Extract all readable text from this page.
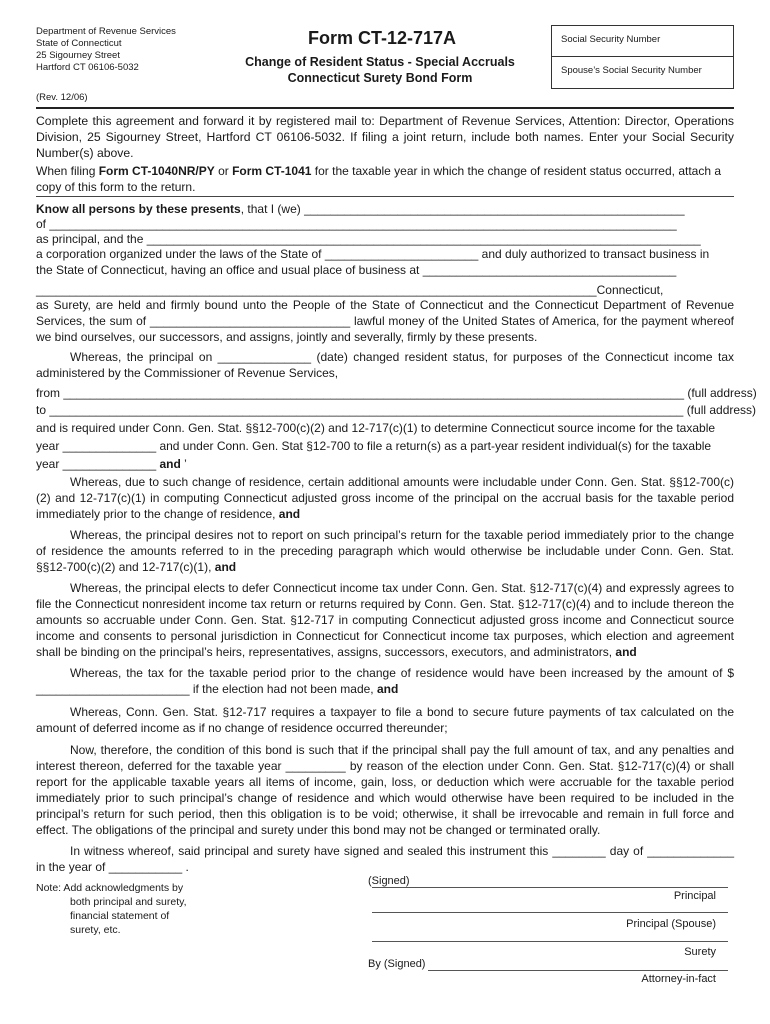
Department of Revenue Services
State of Connecticut
25 Sigourney Street
Hartford CT 06106-5032
Form CT-12-717A
Change of Resident Status - Special Accruals
Connecticut Surety Bond Form
Social Security Number
Spouse’s Social Security Number
(Rev. 12/06)
Complete this agreement and forward it by registered mail to: Department of Revenue Services, Attention: Director, Operations Division, 25 Sigourney Street, Hartford CT 06106-5032. If filing a joint return, include both names. Enter your Social Security Number(s) above.
When filing Form CT-1040NR/PY or Form CT-1041 for the taxable year in which the change of resident status occurred, attach a copy of this form to the return.
Know all persons by these presents, that I (we) _________________________________________________________
of ______________________________________________________________________________________________
as principal, and the ___________________________________________________________________________________
a corporation organized under the laws of the State of _______________________ and duly authorized to transact business in
the State of Connecticut, having an office and usual place of business at ______________________________________
____________________________________________________________________________________Connecticut,
as Surety, are held and firmly bound unto the People of the State of Connecticut and the Connecticut Department of Revenue Services, the sum of ______________________________ lawful money of the United States of America, for the payment whereof we bind ourselves, our successors, and assigns, jointly and severally, firmly by these presents.
Whereas, the principal on ______________ (date) changed resident status, for purposes of the Connecticut income tax administered by the Commissioner of Revenue Services,
from _____________________________________________________________________________________________ (full address)
to _______________________________________________________________________________________________ (full address)
and is required under Conn. Gen. Stat. §§12-700(c)(2) and 12-717(c)(1) to determine Connecticut source income for the taxable
year ______________ and under Conn. Gen. Stat §12-700 to file a return(s) as a part-year resident individual(s) for the taxable
year ______________ and ’
Whereas, due to such change of residence, certain additional amounts were includable under Conn. Gen. Stat. §§12-700(c)(2) and 12-717(c)(1) in computing Connecticut adjusted gross income of the principal on the accrual basis for the taxable period immediately prior to the change of residence, and
Whereas, the principal desires not to report on such principal’s return for the taxable period immediately prior to the change of residence the amounts referred to in the preceding paragraph which would otherwise be includable under Conn. Gen. Stat. §§12-700(c)(2) and 12-717(c)(1), and
Whereas, the principal elects to defer Connecticut income tax under Conn. Gen. Stat. §12-717(c)(4) and expressly agrees to file the Connecticut nonresident income tax return or returns required by Conn. Gen. Stat. §12-717(c)(4) and to include thereon the amounts so accruable under Conn. Gen. Stat. §12-717 in computing Connecticut adjusted gross income and Connecticut source income and consents to personal jurisdiction in Connecticut for Connecticut income tax purposes, which election and agreement shall be binding on the principal’s heirs, representatives, assigns, successors, executors, and administrators, and
Whereas, the tax for the taxable period prior to the change of residence would have been increased by the amount of $ _______________________ if the election had not been made, and
Whereas, Conn. Gen. Stat. §12-717 requires a taxpayer to file a bond to secure future payments of tax calculated on the amount of deferred income as if no change of residence occurred thereunder;
Now, therefore, the condition of this bond is such that if the principal shall pay the full amount of tax, and any penalties and interest thereon, deferred for the taxable year _________ by reason of the election under Conn. Gen. Stat. §12-717(c)(4) or shall report for the applicable taxable years all items of income, gain, loss, or deduction which were accruable for the taxable period immediately prior to such principal’s change of residence and which would otherwise have been required to be included in the principal’s return for such period, then this obligation is to be void; otherwise, it shall be irrevocable and remain in full force and effect. The obligations of the principal and surety under this bond may not be changed or terminated orally.
In witness whereof, said principal and surety have signed and sealed this instrument this ________ day of _____________ in the year of ___________ .
Note: Add acknowledgments by
both principal and surety,
financial statement of
surety, etc.
(Signed)
Principal
Principal (Spouse)
Surety
By (Signed)
Attorney-in-fact
